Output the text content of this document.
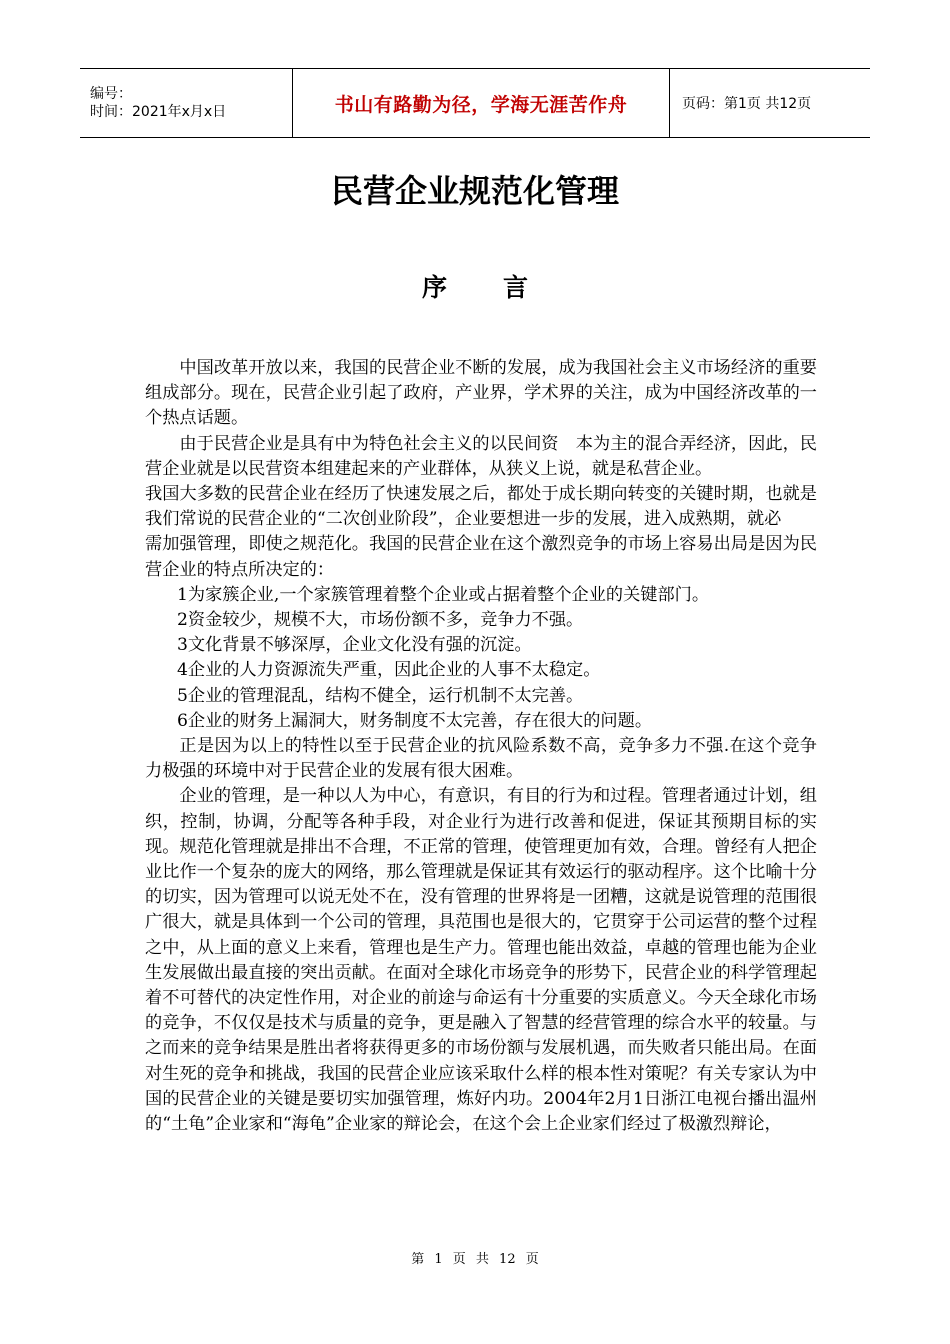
编号：
时间：2021年x月x日	书山有路勤为径，学海无涯苦作舟	页码：第1页 共12页
民营企业规范化管理
序言

中国改革开放以来，我国的民营企业不断的发展，成为我国社会主义市场经济的重要组成部分。现在，民营企业引起了政府，产业界，学术界的关注，成为中国经济改革的一个热点话题。

由于民营企业是具有中为特色社会主义的以民间资　本为主的混合弄经济，因此，民营企业就是以民营资本组建起来的产业群体，从狭义上说，就是私营企业。

我国大多数的民营企业在经历了快速发展之后，都处于成长期向转变的关键时期，也就是我们常说的民营企业的“二次创业阶段”，企业要想进一步的发展，进入成熟期，就必

需加强管理，即使之规范化。我国的民营企业在这个激烈竞争的市场上容易出局是因为民营企业的特点所决定的：

1为家簇企业,一个家簇管理着整个企业或占据着整个企业的关键部门。

2资金较少，规模不大，市场份额不多，竞争力不强。

3文化背景不够深厚，企业文化没有强的沉淀。

4企业的人力资源流失严重，因此企业的人事不太稳定。

5企业的管理混乱，结构不健全，运行机制不太完善。

6企业的财务上漏洞大，财务制度不太完善，存在很大的问题。

正是因为以上的特性以至于民营企业的抗风险系数不高，竞争多力不强.在这个竞争力极强的环境中对于民营企业的发展有很大困难。

企业的管理，是一种以人为中心，有意识，有目的行为和过程。管理者通过计划，组织，控制，协调，分配等各种手段，对企业行为进行改善和促进，保证其预期目标的实现。规范化管理就是排出不合理，不正常的管理，使管理更加有效，合理。曾经有人把企业比作一个复杂的庞大的网络，那么管理就是保证其有效运行的驱动程序。这个比喻十分的切实，因为管理可以说无处不在，没有管理的世界将是一团糟，这就是说管理的范围很广很大，就是具体到一个公司的管理，具范围也是很大的，它贯穿于公司运营的整个过程之中，从上面的意义上来看，管理也是生产力。管理也能出效益，卓越的管理也能为企业生发展做出最直接的突出贡献。在面对全球化市场竞争的形势下，民营企业的科学管理起着不可替代的决定性作用，对企业的前途与命运有十分重要的实质意义。今天全球化市场的竞争，不仅仅是技术与质量的竞争，更是融入了智慧的经营管理的综合水平的较量。与之而来的竞争结果是胜出者将获得更多的市场份额与发展机遇，而失败者只能出局。在面对生死的竞争和挑战，我国的民营企业应该采取什么样的根本性对策呢？有关专家认为中国的民营企业的关键是要切实加强管理，炼好内功。2004年2月1日浙江电视台播出温州的“土龟”企业家和“海龟”企业家的辩论会，在这个会上企业家们经过了极激烈辩论，

第 1 页 共 12 页
